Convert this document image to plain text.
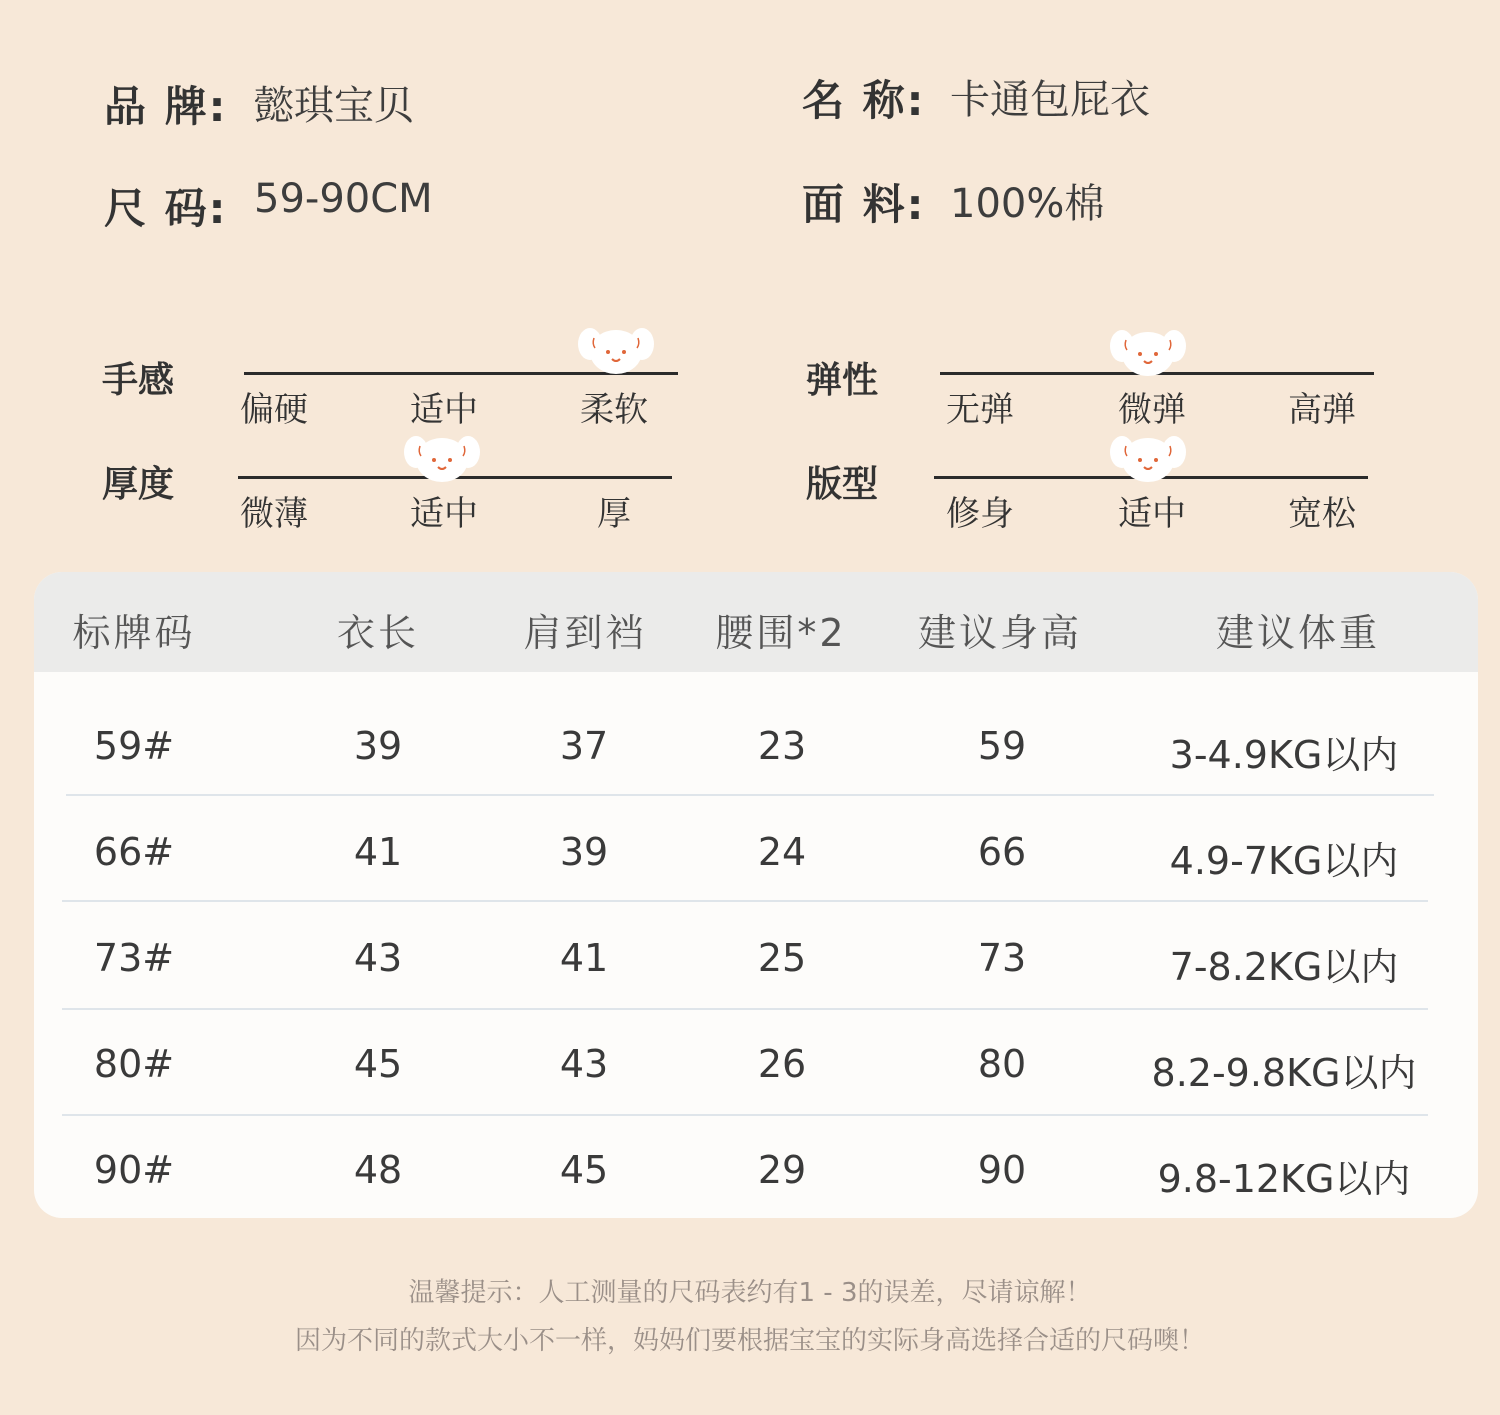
品 牌: 懿琪宝贝	名 称: 卡通包屁衣
尺 码: 59-90CM	面 料: 100%棉
手感
偏硬	适中	柔软
弹性
无弹	微弹	高弹
厚度
微薄	适中	厚
版型
修身	适中	宽松
标牌码	衣长	肩到裆	腰围*2 建议身高	建议体重
59#	39	37	23	59	3-4.9KG以内
66#	41	39	24	66	4.9-7KG以内
73#	43	41	25	73	7-8.2KG以内
80#	45	43	26	80	8.2-9.8KG以内
90#	48	45	29	90	9.8-12KG以内
温馨提示：人工测量的尺码表约有1 - 3的误差，尽请谅解！
因为不同的款式大小不一样，妈妈们要根据宝宝的实际身高选择合适的尺码噢！
